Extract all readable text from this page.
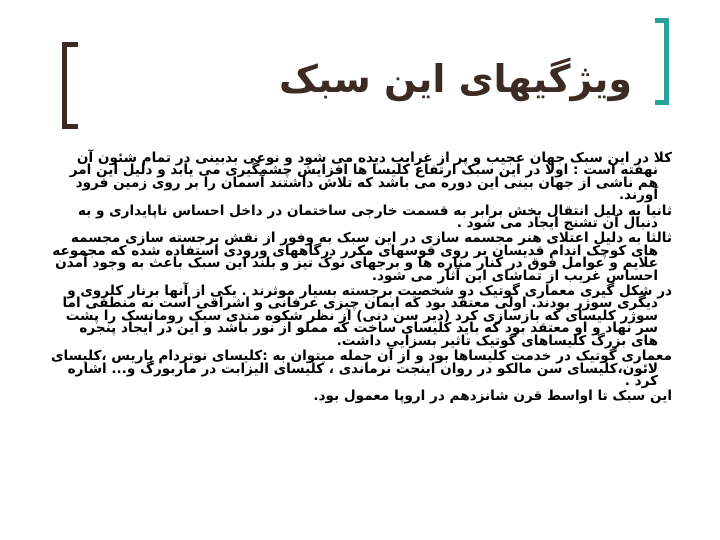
ویژگیهای این سبک

کلا در این سبک جهان عجیب و پر از غرایب دیده می شود و نوعی بدبینی در تمام شئون آن نهفته است : اولا در این سبک ارتفاع کلیسا ها افزایش چشمگیری می یابد و دلیل این امر هم ناشی از جهان بینی این دوره می باشد که تلاش داشتند آسمان را بر روی زمین فرود آورند.

ثانیا به دلیل انتقال بخش برابر به قسمت خارجی ساختمان در داخل احساس ناپایداری و به دنبال آن تشنج ایجاد می شود .

ثالثا به دلیل اعتلای هنر مجسمه سازی در این سبک به وفور از نقش برجسته سازی مجسمه های کوچک اندام قدیسان بر روی قوسهای مکرر درگاههای ورودی استفاده شده که مجموعه علایم و عوامل فوق در کنار مناره ها و برجهای نوک تیز و بلند این سبک باعث به وجود آمدن احساس غریب از تماشای این آثار می شود.

در شکل گیری معماری گوتیک دو شخصیت برجسته بسیار موثرند . یکی از آنها برنار کلروی و دیگری سوژر بودند. اولی معتقد بود که ایمان چیزی عرفانی و اشراقی است نه منطقی اما سوژر کلیسای که بازسازی کرد (دیر سن دنی) از نظر شکوه مندی سبک رومانسک را پشت سر نهاد و او معتقد بود که باید کلیسای ساخت که مملو از نور باشد و این در ایجاد پنجره های بزرگ کلیساهای گوتیک تاثیر بسزایی داشت.

معماری گوتیک در خدمت کلیساها بود و از آن جمله میتوان به :کلیسای نوتردام پاریس ،کلیسای لائون،کلیسای سن مالکو در روان اینجت نرماندی ، کلیسای الیزابت در ماربورگ و... اشاره کرد .

این سبک تا اواسط قرن شانزدهم در اروپا معمول بود.
